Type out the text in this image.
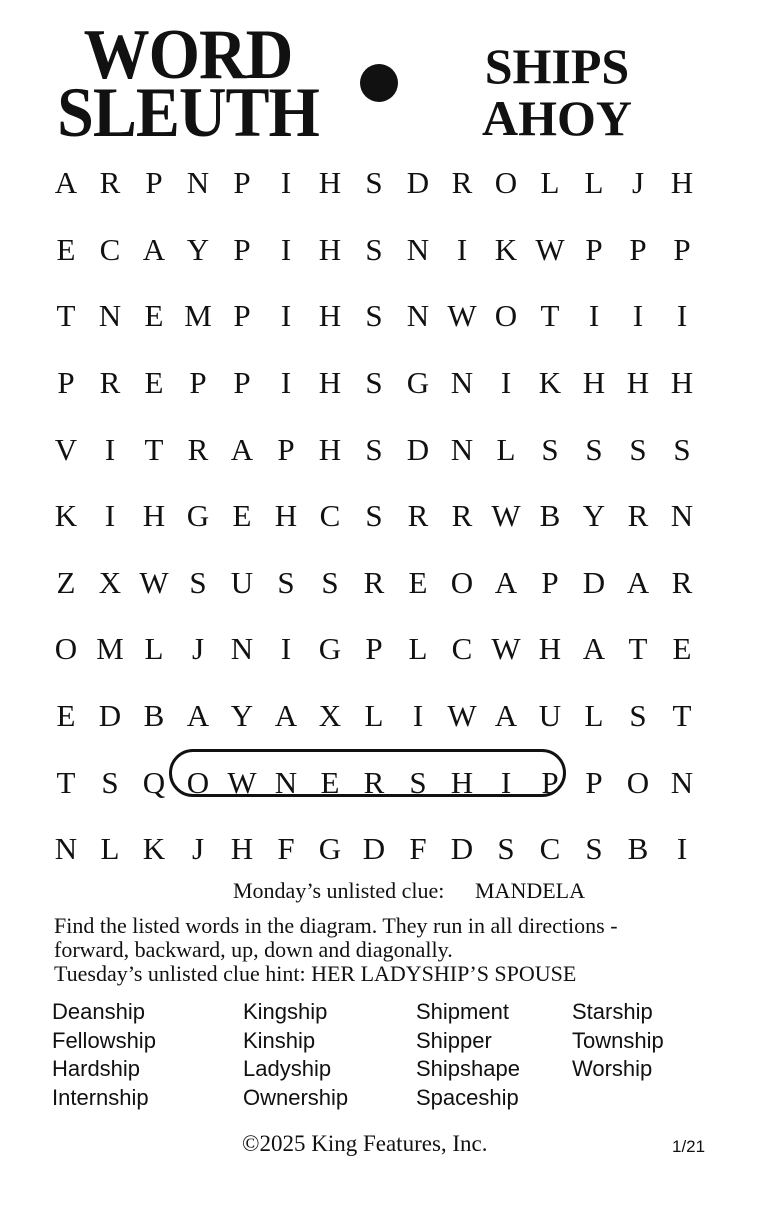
WORD
SLEUTH
SHIPS
AHOY
A R P N P I H S D R O L L J H
E C A Y P I H S N I K W P P P
T N E M P I H S N W O T I	I	I
P R E P P I H S G N I K H H H
V I T R A P H S D N L S S S S
K I H G E H C S R R W B Y R N
Z X W S U S S R E O A P D A R
O M L J N I G P L C W H A T E
E D B A Y A X L I W A U L S T
T S Q O W N E R S H I P P O N
N L K J H F G D F D S C S B I
Monday’s unlisted clue: MANDELA
Find the listed words in the diagram. They run in all directions -
forward, backward, up, down and diagonally.
Tuesday’s unlisted clue hint: HER LADYSHIP’S SPOUSE
Deanship
Fellowship
Hardship
Internship
Kingship
Kinship
Ladyship
Ownership
Shipment
Shipper
Shipshape
Spaceship
Starship
Township
Worship
©2025 King Features, Inc.	1/21
